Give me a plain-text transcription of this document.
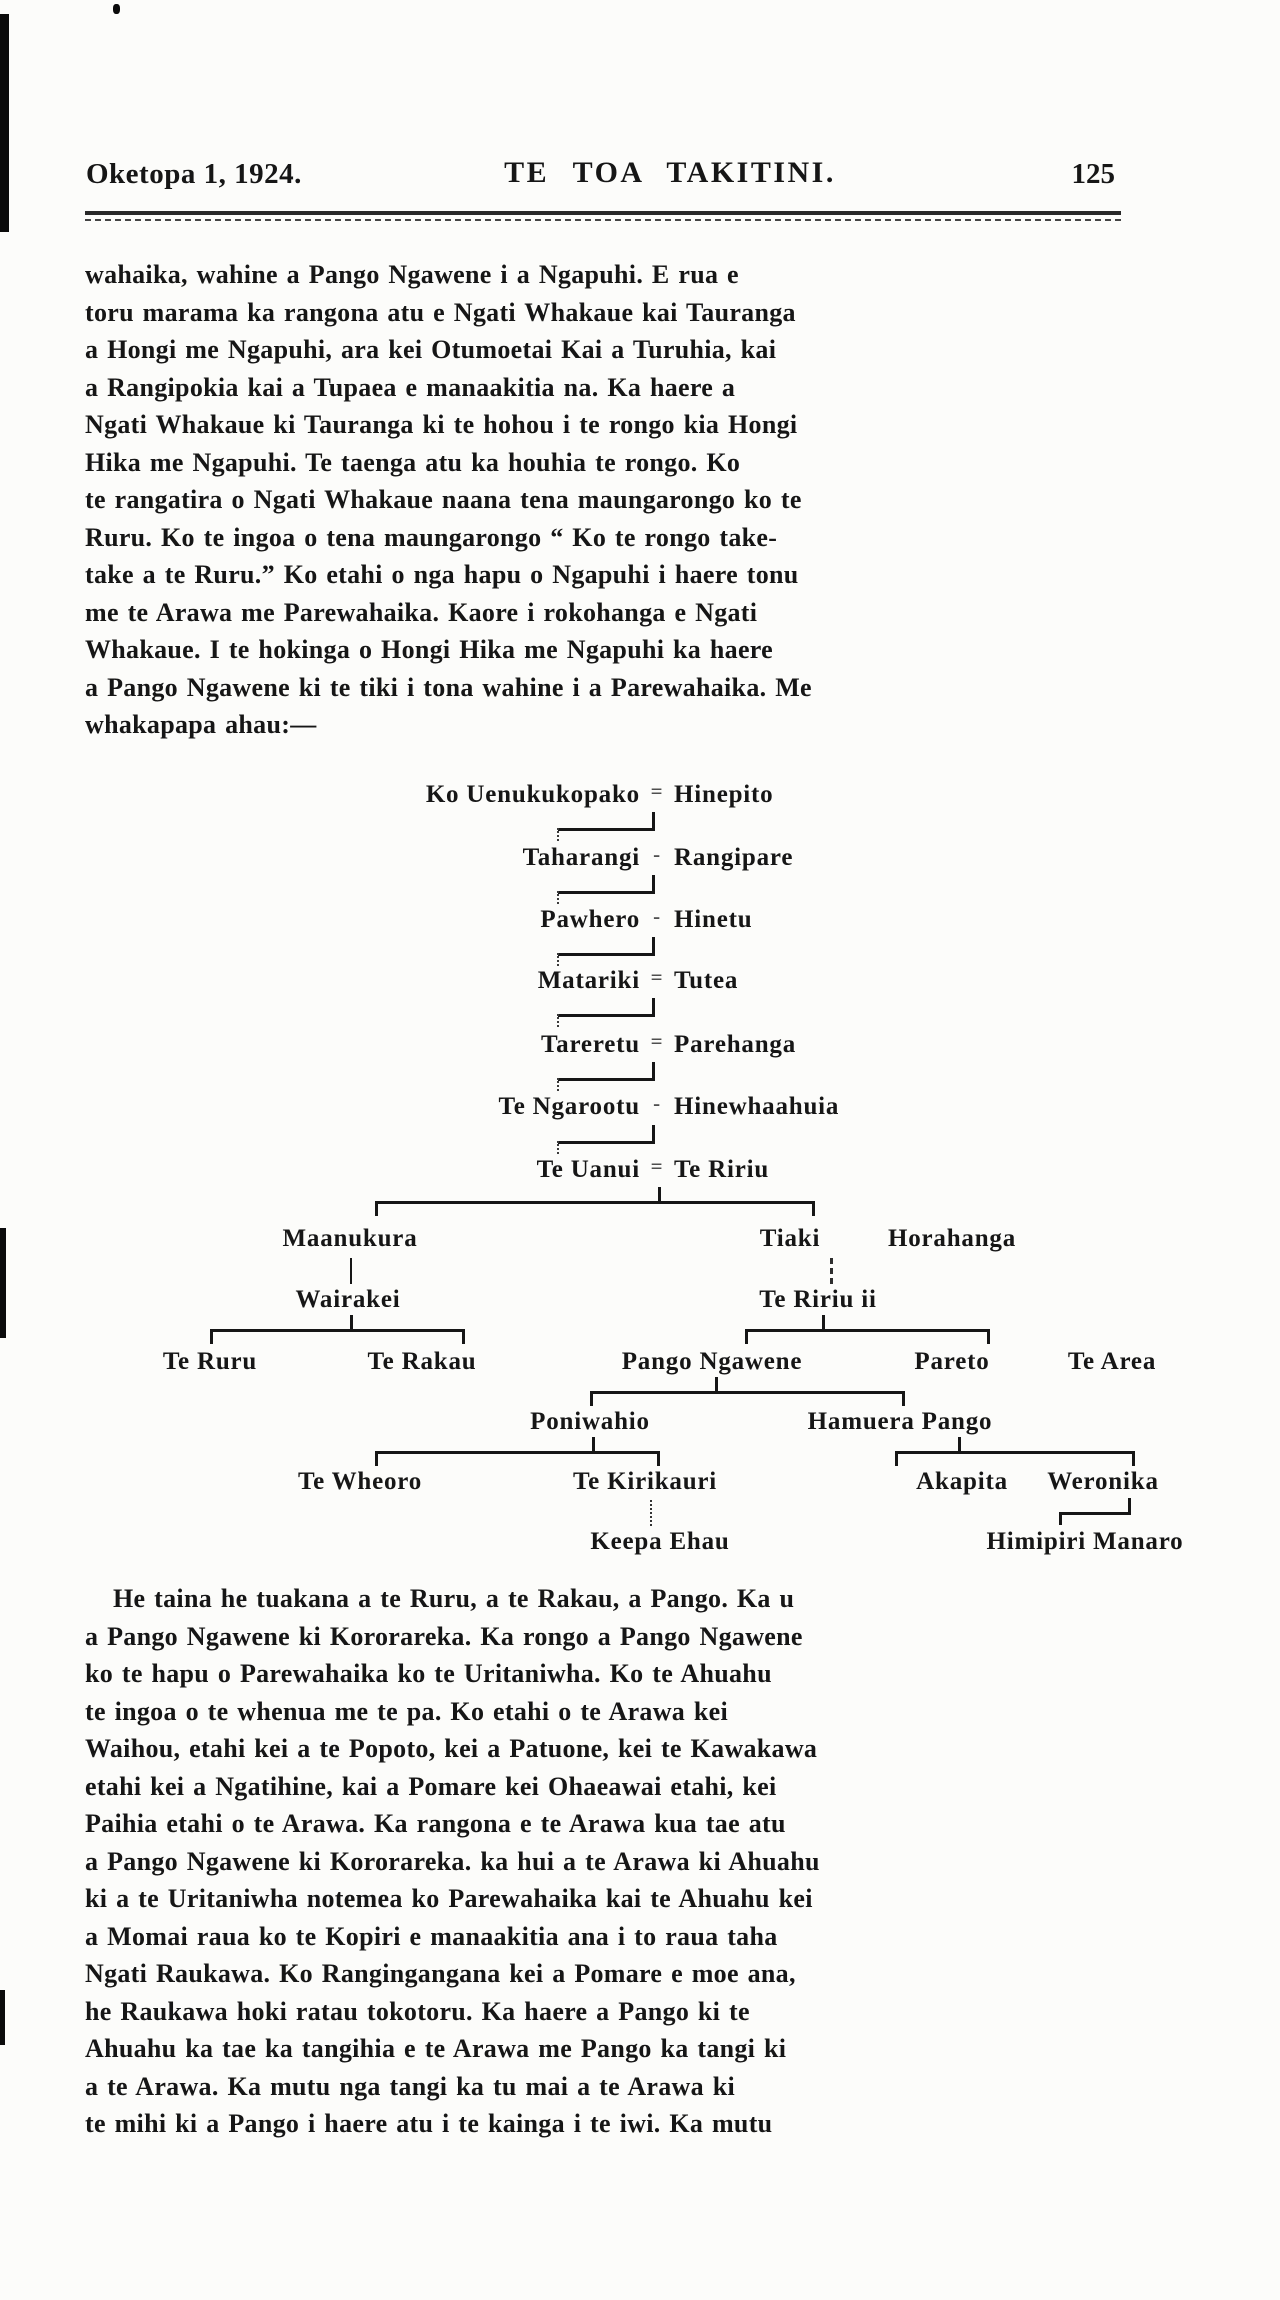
Oketopa 1, 1924.	TE TOA TAKITINI.	125
wahaika, wahine a Pango Ngawene i a Ngapuhi. E rua e
toru marama ka rangona atu e Ngati Whakaue kai Tauranga
a Hongi me Ngapuhi, ara kei Otumoetai Kai a Turuhia, kai
a Rangipokia kai a Tupaea e manaakitia na. Ka haere a
Ngati Whakaue ki Tauranga ki te hohou i te rongo kia Hongi
Hika me Ngapuhi. Te taenga atu ka houhia te rongo. Ko
te rangatira o Ngati Whakaue naana tena maungarongo ko te
Ruru. Ko te ingoa o tena maungarongo “ Ko te rongo take-
take a te Ruru.” Ko etahi o nga hapu o Ngapuhi i haere tonu
me te Arawa me Parewahaika. Kaore i rokohanga e Ngati
Whakaue. I te hokinga o Hongi Hika me Ngapuhi ka haere
a Pango Ngawene ki te tiki i tona wahine i a Parewahaika. Me
whakapapa ahau:—
Ko Uenukukopako = Hinepito
Taharangi - Rangipare
Pawhero - Hinetu
Matariki = Tutea
Tareretu = Parehanga
Te Ngarootu - Hinewhaahuia
Te Uanui = Te Ririu
Maanukura	Tiaki	Horahanga
Wairakei	Te Ririu ii
Te Ruru	Te Rakau	Pango Ngawene	Pareto	Te Area
Poniwahio	Hamuera Pango
Te Wheoro	Te Kirikauri	Akapita Weronika
Keepa Ehau	Himipiri Manaro
He taina he tuakana a te Ruru, a te Rakau, a Pango. Ka u
a Pango Ngawene ki Kororareka. Ka rongo a Pango Ngawene
ko te hapu o Parewahaika ko te Uritaniwha. Ko te Ahuahu
te ingoa o te whenua me te pa. Ko etahi o te Arawa kei
Waihou, etahi kei a te Popoto, kei a Patuone, kei te Kawakawa
etahi kei a Ngatihine, kai a Pomare kei Ohaeawai etahi, kei
Paihia etahi o te Arawa. Ka rangona e te Arawa kua tae atu
a Pango Ngawene ki Kororareka. ka hui a te Arawa ki Ahuahu
ki a te Uritaniwha notemea ko Parewahaika kai te Ahuahu kei
a Momai raua ko te Kopiri e manaakitia ana i to raua taha
Ngati Raukawa. Ko Rangingangana kei a Pomare e moe ana,
he Raukawa hoki ratau tokotoru. Ka haere a Pango ki te
Ahuahu ka tae ka tangihia e te Arawa me Pango ka tangi ki
a te Arawa. Ka mutu nga tangi ka tu mai a te Arawa ki
te mihi ki a Pango i haere atu i te kainga i te iwi. Ka mutu
